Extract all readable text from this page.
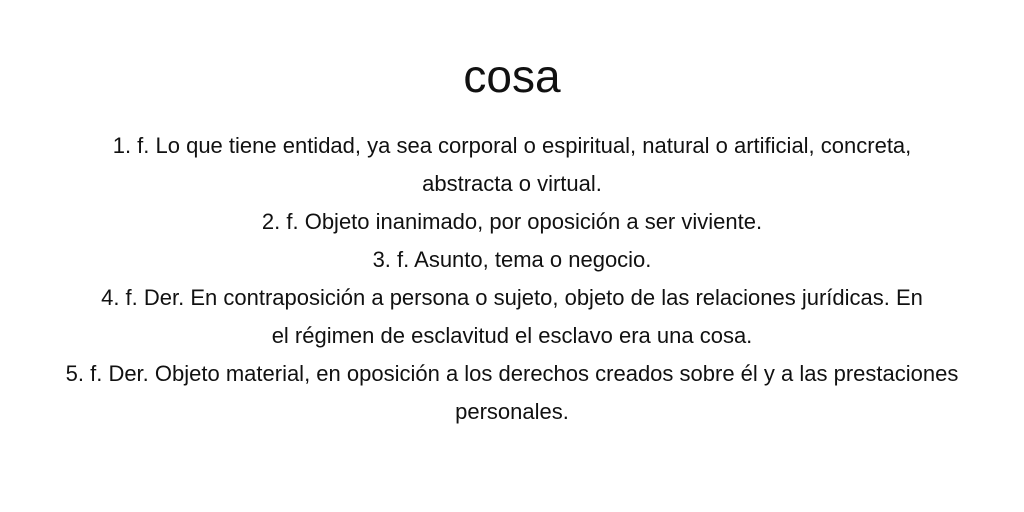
cosa
1. f. Lo que tiene entidad, ya sea corporal o espiritual, natural o artificial, concreta, abstracta o virtual.
2. f. Objeto inanimado, por oposición a ser viviente.
3. f. Asunto, tema o negocio.
4. f. Der. En contraposición a persona o sujeto, objeto de las relaciones jurídicas. En el régimen de esclavitud el esclavo era una cosa.
5. f. Der. Objeto material, en oposición a los derechos creados sobre él y a las prestaciones personales.
